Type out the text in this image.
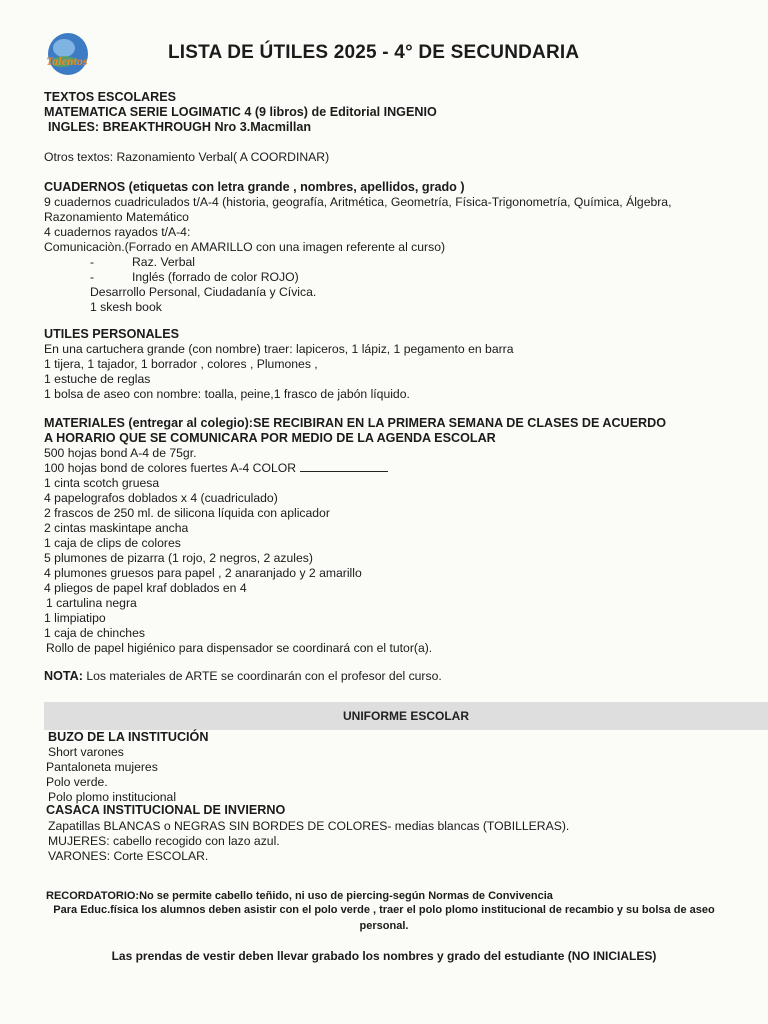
Talentos	LISTA DE ÚTILES 2025 - 4° DE SECUNDARIA

TEXTOS ESCOLARES

MATEMATICA SERIE LOGIMATIC 4 (9 libros) de Editorial INGENIO

INGLES: BREAKTHROUGH Nro 3.Macmillan

Otros textos: Razonamiento Verbal( A COORDINAR)

CUADERNOS (etiquetas con letra grande , nombres, apellidos, grado )

9 cuadernos cuadriculados t/A-4 (historia, geografía, Aritmética, Geometría, Física-Trigonometría, Química, Álgebra,

Razonamiento Matemático

4 cuadernos rayados t/A-4:

Comunicaciòn.(Forrado en AMARILLO con una imagen referente al curso)

-	Raz. Verbal

-	Inglés (forrado de color ROJO)

Desarrollo Personal, Ciudadanía y Cívica.

1 skesh book

UTILES PERSONALES

En una cartuchera grande (con nombre) traer: lapiceros, 1 lápiz, 1 pegamento en barra

1 tijera, 1 tajador, 1 borrador , colores , Plumones ,

1 estuche de reglas

1 bolsa de aseo con nombre: toalla, peine,1 frasco de jabón líquido.

MATERIALES (entregar al colegio):SE RECIBIRAN EN LA PRIMERA SEMANA DE CLASES DE ACUERDO

A HORARIO QUE SE COMUNICARA POR MEDIO DE LA AGENDA ESCOLAR

500 hojas bond A-4 de 75gr.

100 hojas bond de colores fuertes A-4 COLOR

1 cinta scotch gruesa

4 papelografos doblados x 4 (cuadriculado)

2 frascos de 250 ml. de silicona líquida con aplicador

2 cintas maskintape ancha

1 caja de clips de colores

5 plumones de pizarra (1 rojo, 2 negros, 2 azules)

4 plumones gruesos para papel , 2 anaranjado y 2 amarillo

4 pliegos de papel kraf doblados en 4

1 cartulina negra

1 limpiatipo

1 caja de chinches

Rollo de papel higiénico para dispensador se coordinará con el tutor(a).

NOTA: Los materiales de ARTE se coordinarán con el profesor del curso.

UNIFORME ESCOLAR

BUZO DE LA INSTITUCIÓN

Short varones

Pantaloneta mujeres

Polo verde.

Polo plomo institucional

CASACA INSTITUCIONAL DE INVIERNO

Zapatillas BLANCAS o NEGRAS SIN BORDES DE COLORES- medias blancas (TOBILLERAS).

MUJERES: cabello recogido con lazo azul.

VARONES: Corte ESCOLAR.

RECORDATORIO:No se permite cabello teñido, ni uso de piercing-según Normas de Convivencia

Para Educ.física los alumnos deben asistir con el polo verde , traer el polo plomo institucional de recambio y su bolsa de aseo

personal.

Las prendas de vestir deben llevar grabado los nombres y grado del estudiante (NO INICIALES)
